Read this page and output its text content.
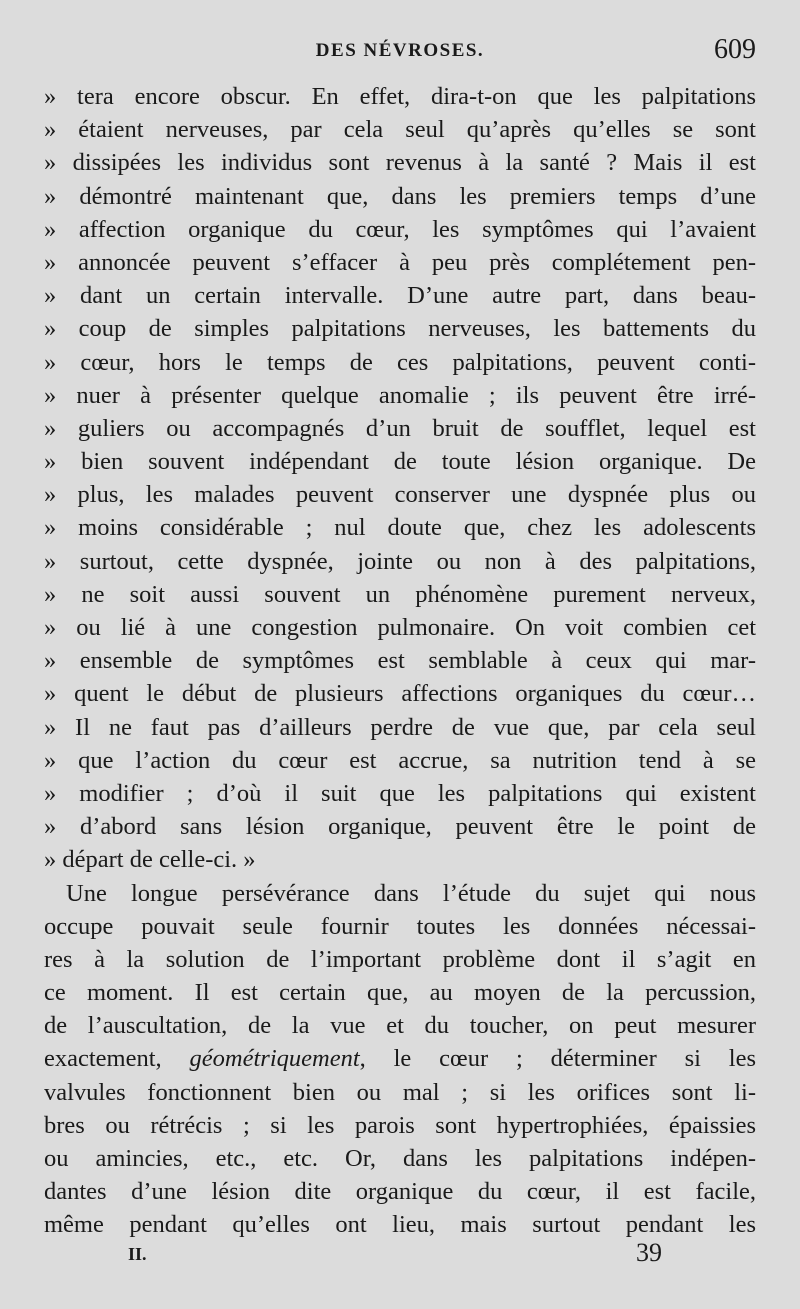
DES NÉVROSES.	609
» tera encore obscur. En effet, dira-t-on que les palpitations
» étaient nerveuses, par cela seul qu’après qu’elles se sont
» dissipées les individus sont revenus à la santé ? Mais il est
» démontré maintenant que, dans les premiers temps d’une
» affection organique du cœur, les symptômes qui l’avaient
» annoncée peuvent s’effacer à peu près complétement pen-
» dant un certain intervalle. D’une autre part, dans beau-
» coup de simples palpitations nerveuses, les battements du
» cœur, hors le temps de ces palpitations, peuvent conti-
» nuer à présenter quelque anomalie ; ils peuvent être irré-
» guliers ou accompagnés d’un bruit de soufflet, lequel est
» bien souvent indépendant de toute lésion organique. De
» plus, les malades peuvent conserver une dyspnée plus ou
» moins considérable ; nul doute que, chez les adolescents
» surtout, cette dyspnée, jointe ou non à des palpitations,
» ne soit aussi souvent un phénomène purement nerveux,
» ou lié à une congestion pulmonaire. On voit combien cet
» ensemble de symptômes est semblable à ceux qui mar-
» quent le début de plusieurs affections organiques du cœur…
» Il ne faut pas d’ailleurs perdre de vue que, par cela seul
» que l’action du cœur est accrue, sa nutrition tend à se
» modifier ; d’où il suit que les palpitations qui existent
» d’abord sans lésion organique, peuvent être le point de
» départ de celle-ci. »
Une longue persévérance dans l’étude du sujet qui nous
occupe pouvait seule fournir toutes les données nécessai-
res à la solution de l’important problème dont il s’agit en
ce moment. Il est certain que, au moyen de la percussion,
de l’auscultation, de la vue et du toucher, on peut mesurer
exactement, géométriquement, le cœur ; déterminer si les
valvules fonctionnent bien ou mal ; si les orifices sont li-
bres ou rétrécis ; si les parois sont hypertrophiées, épaissies
ou amincies, etc., etc. Or, dans les palpitations indépen-
dantes d’une lésion dite organique du cœur, il est facile,
même pendant qu’elles ont lieu, mais surtout pendant les
II.	39
